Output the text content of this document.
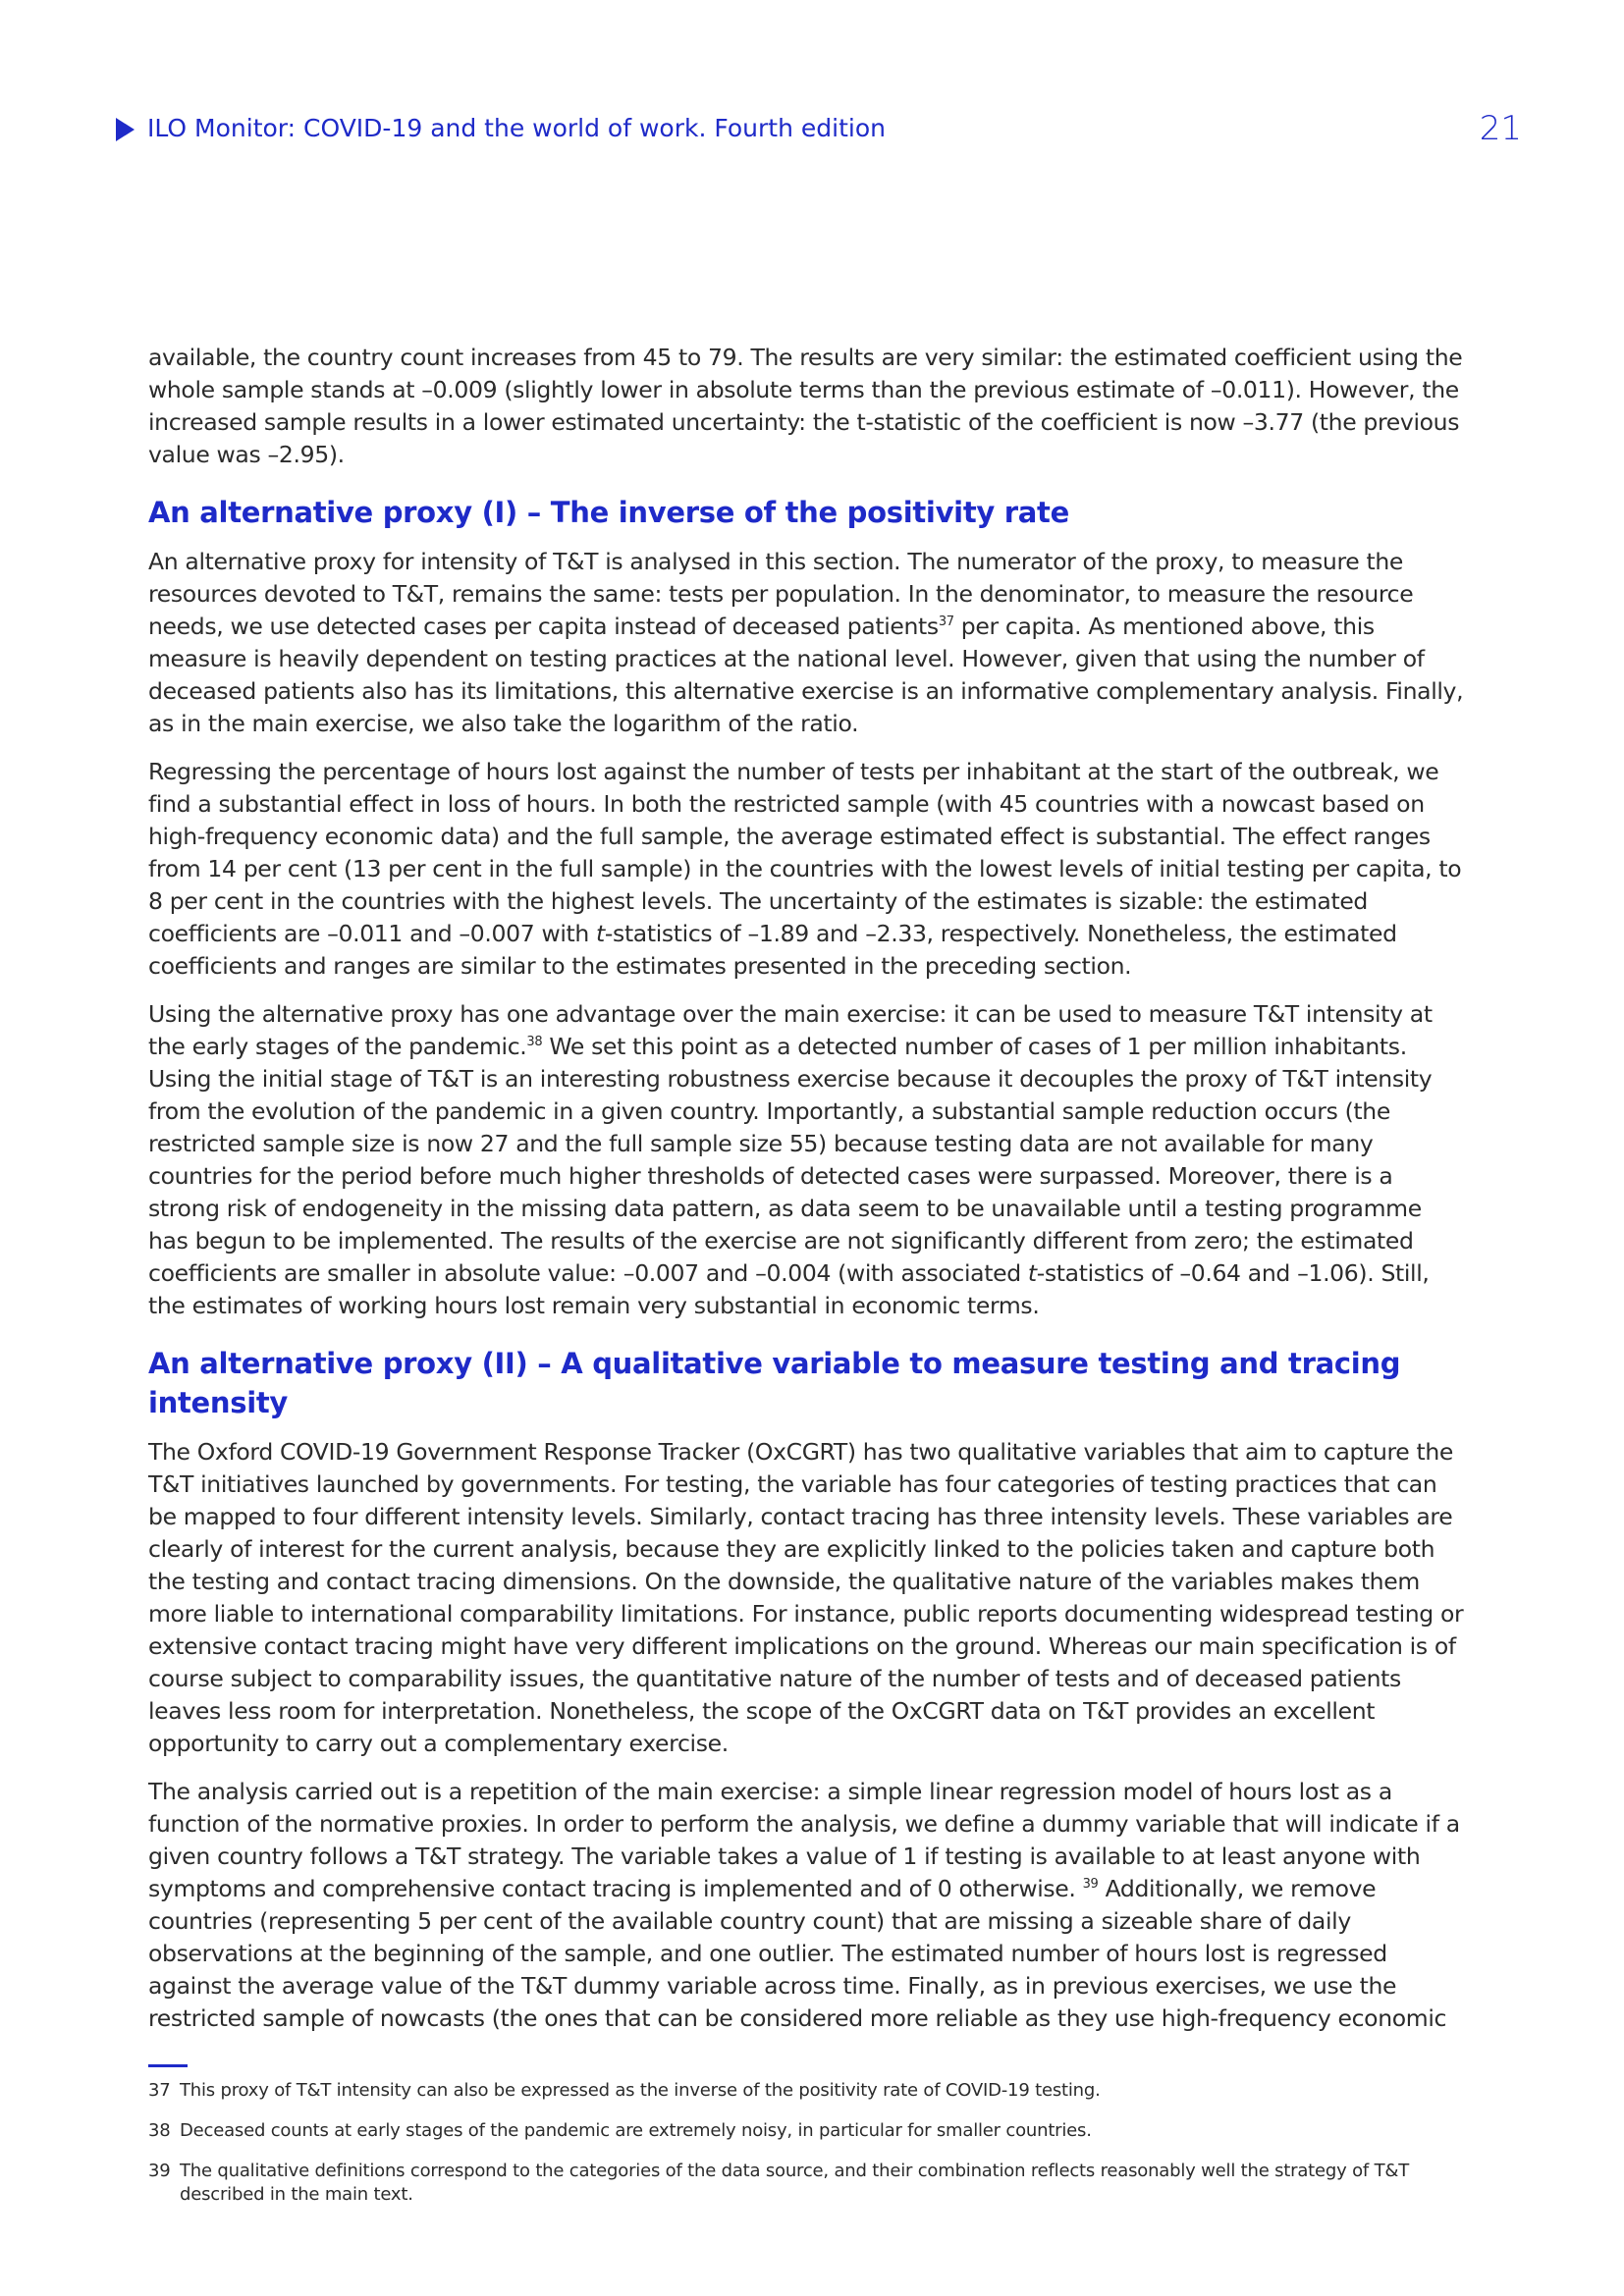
ILO Monitor: COVID-19 and the world of work. Fourth edition	21

available, the country count increases from 45 to 79. The results are very similar: the estimated coefficient using the whole sample stands at –0.009 (slightly lower in absolute terms than the previous estimate of –0.011). However, the increased sample results in a lower estimated uncertainty: the t-statistic of the coefficient is now –3.77 (the previous value was –2.95).

An alternative proxy (I) – The inverse of the positivity rate

An alternative proxy for intensity of T&T is analysed in this section. The numerator of the proxy, to measure the resources devoted to T&T, remains the same: tests per population. In the denominator, to measure the resource needs, we use detected cases per capita instead of deceased patients$^{37}$ per capita. As mentioned above, this measure is heavily dependent on testing practices at the national level. However, given that using the number of deceased patients also has its limitations, this alternative exercise is an informative complementary analysis. Finally, as in the main exercise, we also take the logarithm of the ratio.

Regressing the percentage of hours lost against the number of tests per inhabitant at the start of the outbreak, we find a substantial effect in loss of hours. In both the restricted sample (with 45 countries with a nowcast based on high-frequency economic data) and the full sample, the average estimated effect is substantial. The effect ranges from 14 per cent (13 per cent in the full sample) in the countries with the lowest levels of initial testing per capita, to 8 per cent in the countries with the highest levels. The uncertainty of the estimates is sizable: the estimated coefficients are –0.011 and –0.007 with t-statistics of –1.89 and –2.33, respectively. Nonetheless, the estimated coefficients and ranges are similar to the estimates presented in the preceding section.

Using the alternative proxy has one advantage over the main exercise: it can be used to measure T&T intensity at the early stages of the pandemic.$^{38}$ We set this point as a detected number of cases of 1 per million inhabitants. Using the initial stage of T&T is an interesting robustness exercise because it decouples the proxy of T&T intensity from the evolution of the pandemic in a given country. Importantly, a substantial sample reduction occurs (the restricted sample size is now 27 and the full sample size 55) because testing data are not available for many countries for the period before much higher thresholds of detected cases were surpassed. Moreover, there is a strong risk of endogeneity in the missing data pattern, as data seem to be unavailable until a testing programme has begun to be implemented. The results of the exercise are not significantly different from zero; the estimated coefficients are smaller in absolute value: –0.007 and –0.004 (with associated t-statistics of –0.64 and –1.06). Still, the estimates of working hours lost remain very substantial in economic terms.

An alternative proxy (II) – A qualitative variable to measure testing and tracing intensity

The Oxford COVID-19 Government Response Tracker (OxCGRT) has two qualitative variables that aim to capture the T&T initiatives launched by governments. For testing, the variable has four categories of testing practices that can be mapped to four different intensity levels. Similarly, contact tracing has three intensity levels. These variables are clearly of interest for the current analysis, because they are explicitly linked to the policies taken and capture both the testing and contact tracing dimensions. On the downside, the qualitative nature of the variables makes them more liable to international comparability limitations. For instance, public reports documenting widespread testing or extensive contact tracing might have very different implications on the ground. Whereas our main specification is of course subject to comparability issues, the quantitative nature of the number of tests and of deceased patients leaves less room for interpretation. Nonetheless, the scope of the OxCGRT data on T&T provides an excellent opportunity to carry out a complementary exercise.

The analysis carried out is a repetition of the main exercise: a simple linear regression model of hours lost as a function of the normative proxies. In order to perform the analysis, we define a dummy variable that will indicate if a given country follows a T&T strategy. The variable takes a value of 1 if testing is available to at least anyone with symptoms and comprehensive contact tracing is implemented and of 0 otherwise. $^{39}$ Additionally, we remove countries (representing 5 per cent of the available country count) that are missing a sizeable share of daily observations at the beginning of the sample, and one outlier. The estimated number of hours lost is regressed against the average value of the T&T dummy variable across time. Finally, as in previous exercises, we use the restricted sample of nowcasts (the ones that can be considered more reliable as they use high-frequency economic

37 This proxy of T&T intensity can also be expressed as the inverse of the positivity rate of COVID-19 testing.
38 Deceased counts at early stages of the pandemic are extremely noisy, in particular for smaller countries.
39 The qualitative definitions correspond to the categories of the data source, and their combination reflects reasonably well the strategy of T&T described in the main text.
